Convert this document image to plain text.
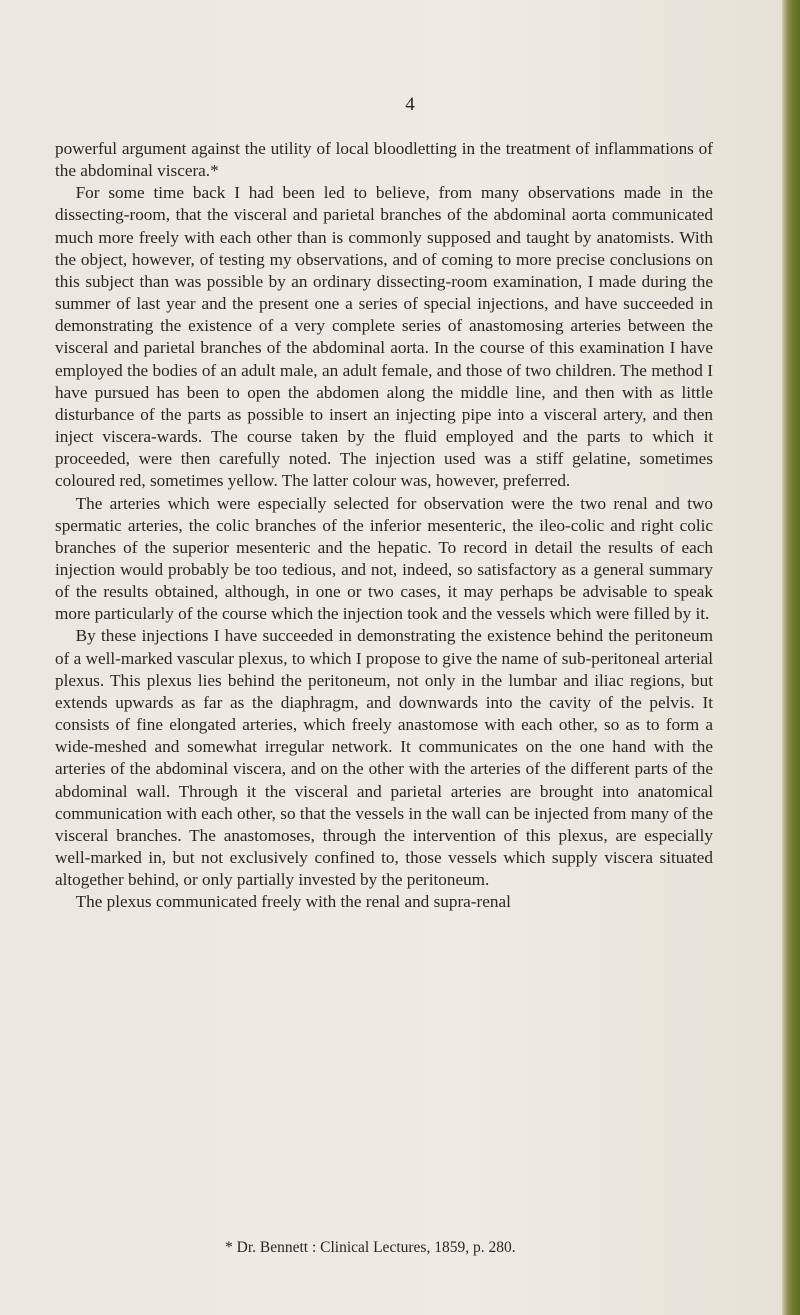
4

powerful argument against the utility of local bloodletting in the treatment of inflammations of the abdominal viscera.*

For some time back I had been led to believe, from many observations made in the dissecting-room, that the visceral and parietal branches of the abdominal aorta communicated much more freely with each other than is commonly supposed and taught by anatomists. With the object, however, of testing my observations, and of coming to more precise conclusions on this subject than was possible by an ordinary dissecting-room examination, I made during the summer of last year and the present one a series of special injections, and have succeeded in demonstrating the existence of a very complete series of anastomosing arteries between the visceral and parietal branches of the abdominal aorta. In the course of this examination I have employed the bodies of an adult male, an adult female, and those of two children. The method I have pursued has been to open the abdomen along the middle line, and then with as little disturbance of the parts as possible to insert an injecting pipe into a visceral artery, and then inject viscera-wards. The course taken by the fluid employed and the parts to which it proceeded, were then carefully noted. The injection used was a stiff gelatine, sometimes coloured red, sometimes yellow. The latter colour was, however, preferred.

The arteries which were especially selected for observation were the two renal and two spermatic arteries, the colic branches of the inferior mesenteric, the ileo-colic and right colic branches of the superior mesenteric and the hepatic. To record in detail the results of each injection would probably be too tedious, and not, indeed, so satisfactory as a general summary of the results obtained, although, in one or two cases, it may perhaps be advisable to speak more particularly of the course which the injection took and the vessels which were filled by it.

By these injections I have succeeded in demonstrating the existence behind the peritoneum of a well-marked vascular plexus, to which I propose to give the name of sub-peritoneal arterial plexus. This plexus lies behind the peritoneum, not only in the lumbar and iliac regions, but extends upwards as far as the diaphragm, and downwards into the cavity of the pelvis. It consists of fine elongated arteries, which freely anastomose with each other, so as to form a wide-meshed and somewhat irregular network. It communicates on the one hand with the arteries of the abdominal viscera, and on the other with the arteries of the different parts of the abdominal wall. Through it the visceral and parietal arteries are brought into anatomical communication with each other, so that the vessels in the wall can be injected from many of the visceral branches. The anastomoses, through the intervention of this plexus, are especially well-marked in, but not exclusively confined to, those vessels which supply viscera situated altogether behind, or only partially invested by the peritoneum.

The plexus communicated freely with the renal and supra-renal

* Dr. Bennett : Clinical Lectures, 1859, p. 280.
